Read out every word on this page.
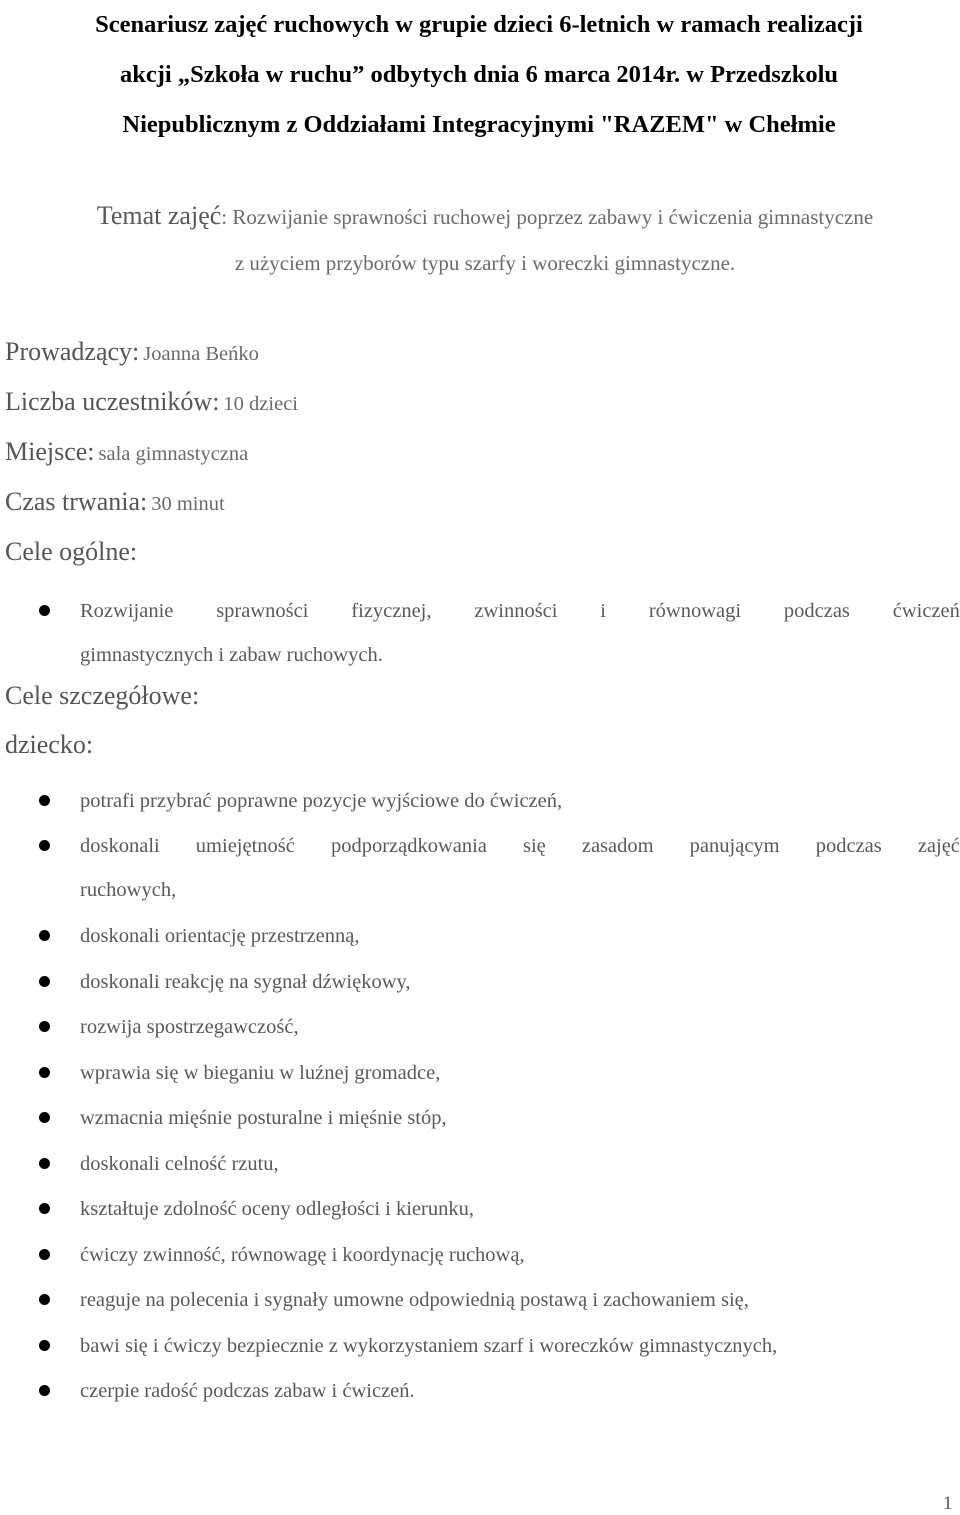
Scenariusz zajęć ruchowych w grupie dzieci 6-letnich w ramach realizacji
akcji „Szkoła w ruchu” odbytych dnia 6 marca 2014r. w Przedszkolu
Niepublicznym z Oddziałami Integracyjnymi "RAZEM" w Chełmie

Temat zajęć: Rozwijanie sprawności ruchowej poprzez zabawy i ćwiczenia gimnastyczne
z użyciem przyborów typu szarfy i woreczki gimnastyczne.

Prowadzący: Joanna Beńko

Liczba uczestników: 10 dzieci

Miejsce: sala gimnastyczna

Czas trwania: 30 minut

Cele ogólne:

Rozwijanie sprawności fizycznej, zwinności i równowagi podczas ćwiczeń
gimnastycznych i zabaw ruchowych.

Cele szczegółowe:

dziecko:

potrafi przybrać poprawne pozycje wyjściowe do ćwiczeń,
doskonali umiejętność podporządkowania się zasadom panującym podczas zajęć
ruchowych,
doskonali orientację przestrzenną,
doskonali reakcję na sygnał dźwiękowy,
rozwija spostrzegawczość,
wprawia się w bieganiu w luźnej gromadce,
wzmacnia mięśnie posturalne i mięśnie stóp,
doskonali celność rzutu,
kształtuje zdolność oceny odległości i kierunku,
ćwiczy zwinność, równowagę i koordynację ruchową,
reaguje na polecenia i sygnały umowne odpowiednią postawą i zachowaniem się,
bawi się i ćwiczy bezpiecznie z wykorzystaniem szarf i woreczków gimnastycznych,
czerpie radość podczas zabaw i ćwiczeń.
1
